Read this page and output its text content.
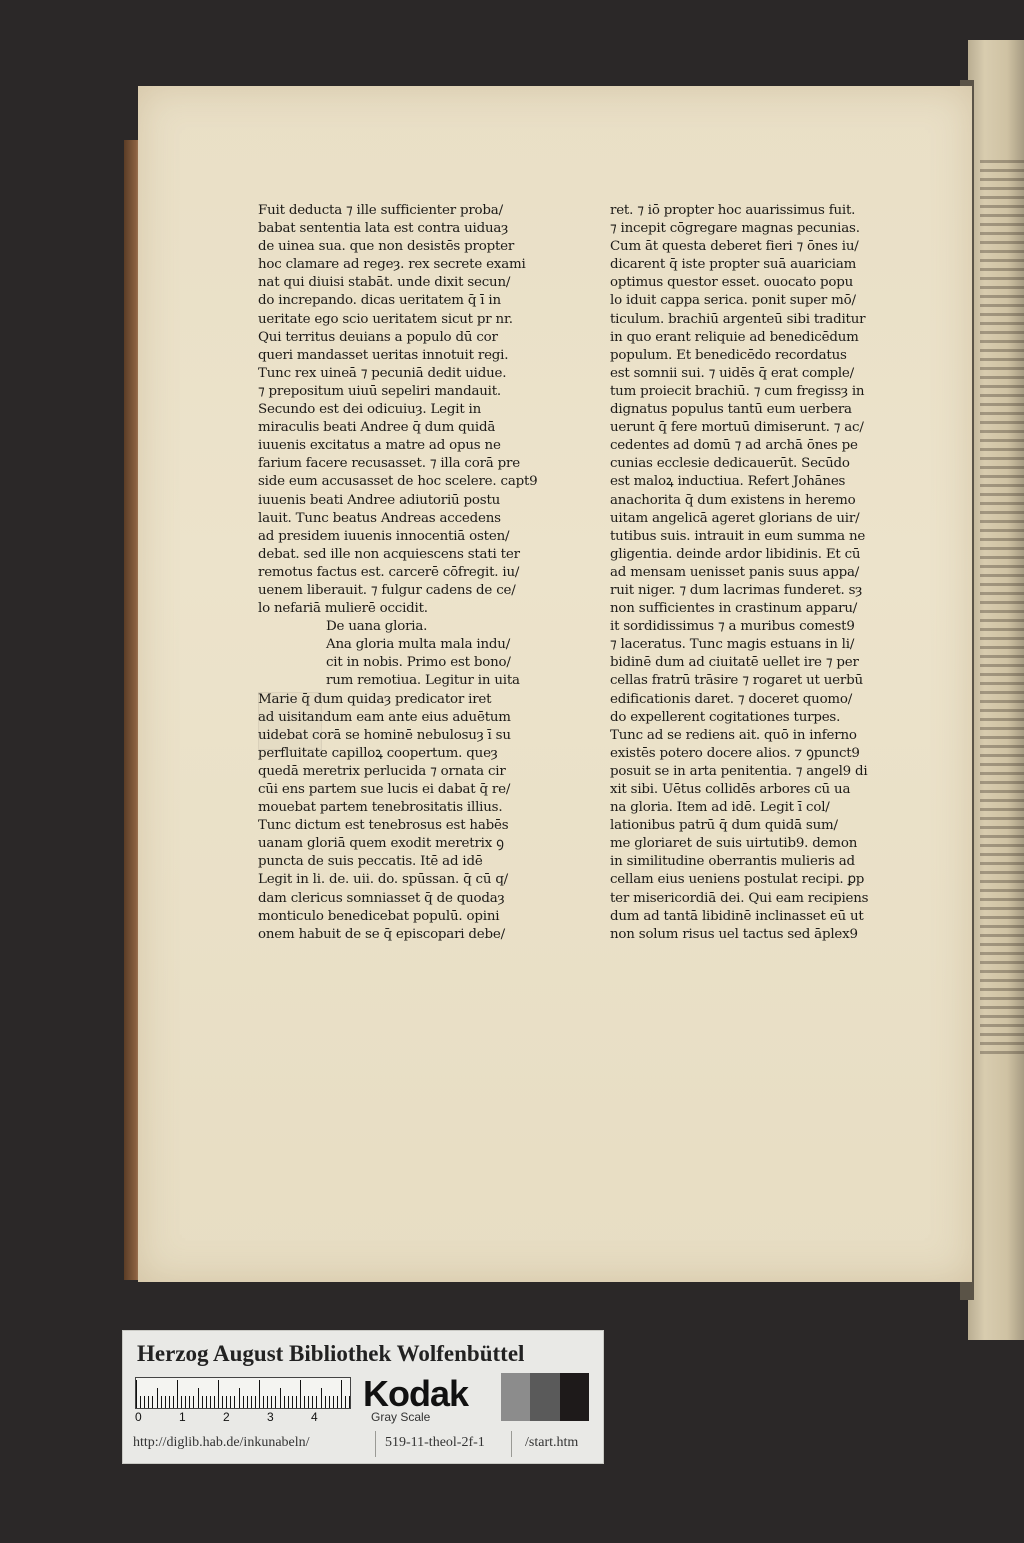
Fuit deducta ⁊ ille sufficienter proba/
babat sententia lata est contra uiduaȝ
de uinea sua. que non desistēs propter
hoc clamare ad regeȝ. rex secrete exami
nat qui diuisi stabāt. unde dixit secun/
do increpando. dicas ueritatem q̄ ī in
ueritate ego scio ueritatem sicut pr nr.
Qui territus deuians a populo dū cor
queri mandasset ueritas innotuit regi.
Tunc rex uineā ⁊ pecuniā dedit uidue.
⁊ prepositum uiuū sepeliri mandauit.
Secundo est dei odicuiuȝ. Legit̄ in
miraculis beati Andree q̄ dum quidā
iuuenis excitatus a matre ad opus ne
farium facere recusasset. ⁊ illa corā pre
side eum accusasset de hoc scelere. capt9
iuuenis beati Andree adiutoriū postu
lauit. Tunc beatus Andreas accedens
ad presidem iuuenis innocentiā osten/
debat. sed ille non acquiescens stati ter
remotus factus est. carcerē cōfregit. iu/
uenem liberauit. ⁊ fulgur cadens de ce/
lo nefariā mulierē occidit.
De uana gloria.
Ana gloria multa mala indu/
cit in nobis. Primo est bono/
rum remotiua. Legitur in uita
Marie q̄ dum quidaȝ predicator iret
ad uisitandum eam ante eius aduētum
uidebat corā se hominē nebulosuȝ ī su
perfluitate capilloꝝ coopertum. queȝ
quedā meretrix perlucida ⁊ ornata cir
cūi ens partem sue lucis ei dabat q̄ re/
mouebat partem tenebrositatis illius.
Tunc dictum est tenebrosus est habēs
uanam gloriā quem exodit meretrix ꝯ
puncta de suis peccatis. Itē ad idē
Legit̄ in li. de. uii. do. spūssan. q̄ cū q/
dam clericus somniasset q̄ de quodaȝ
monticulo benedicebat populū. opini
onem habuit de se q̄ episcopari debe/
ret. ⁊ iō propter hoc auarissimus fuit.
⁊ incepit cōgregare magnas pecunias.
Cum āt questa deberet fieri ⁊ ōnes iu/
dicarent q̄ iste propter suā auariciam
optimus questor esset. ouocato popu
lo iduit̄ cappa serica. ponit̄ super mō/
ticulum. brachiū argenteū sibi traditur
in quo erant reliquie ad benedicēdum
populum. Et benedicēdo recordatus
est somnii sui. ⁊ uidēs q̄ erat comple/
tum proiecit brachiū. ⁊ cum fregissȝ in
dignatus populus tantū eum uerbera
uerunt q̄ fere mortuū dimiserunt. ⁊ ac/
cedentes ad domū ⁊ ad archā ōnes pe
cunias ecclesie dedicauerūt. Secūdo
est maloꝝ inductiua. Refert Johānes
anachorita q̄ dum existens in heremo
uitam angelicā ageret glorians de uir/
tutibus suis. intrauit in eum summa ne
gligentia. deinde ardor libidinis. Et cū
ad mensam uenisset panis suus appa/
ruit niger. ⁊ dum lacrimas funderet. sȝ
non sufficientes in crastinum apparu/
it sordidissimus ⁊ a muribus comest9
⁊ laceratus. Tunc magis estuans in li/
bidinē dum ad ciuitatē uellet ire ⁊ per
cellas fratrū trāsire ⁊ rogaret̄ ut uerbū
edificationis daret. ⁊ doceret quomo/
do expellerent̄ cogitationes turpes.
Tunc ad se rediens ait. quō in inferno
existēs potero docere alios. ⁊ ꝯpunct9
posuit se in arta penitentia. ⁊ angel9 di
xit sibi. Uētus collidēs arbores cū ua
na gloria. Item ad idē. Legit̄ ī col/
lationibus patrū q̄ dum quidā sum/
me gloriaret̄ de suis uirtutib9. demon
in similitudine oberrantis mulieris ad
cellam eius ueniens postulat recipi. ꝑp
ter misericordiā dei. Qui eam recipiens
dum ad tantā libidinē inclinasset eū ut
non solum risus uel tactus sed āplex9
Herzog August Bibliothek Wolfenbüttel
0	1	2	3	4
Kodak
Gray Scale
http://diglib.hab.de/inkunabeln/	519-11-theol-2f-1	/start.htm
